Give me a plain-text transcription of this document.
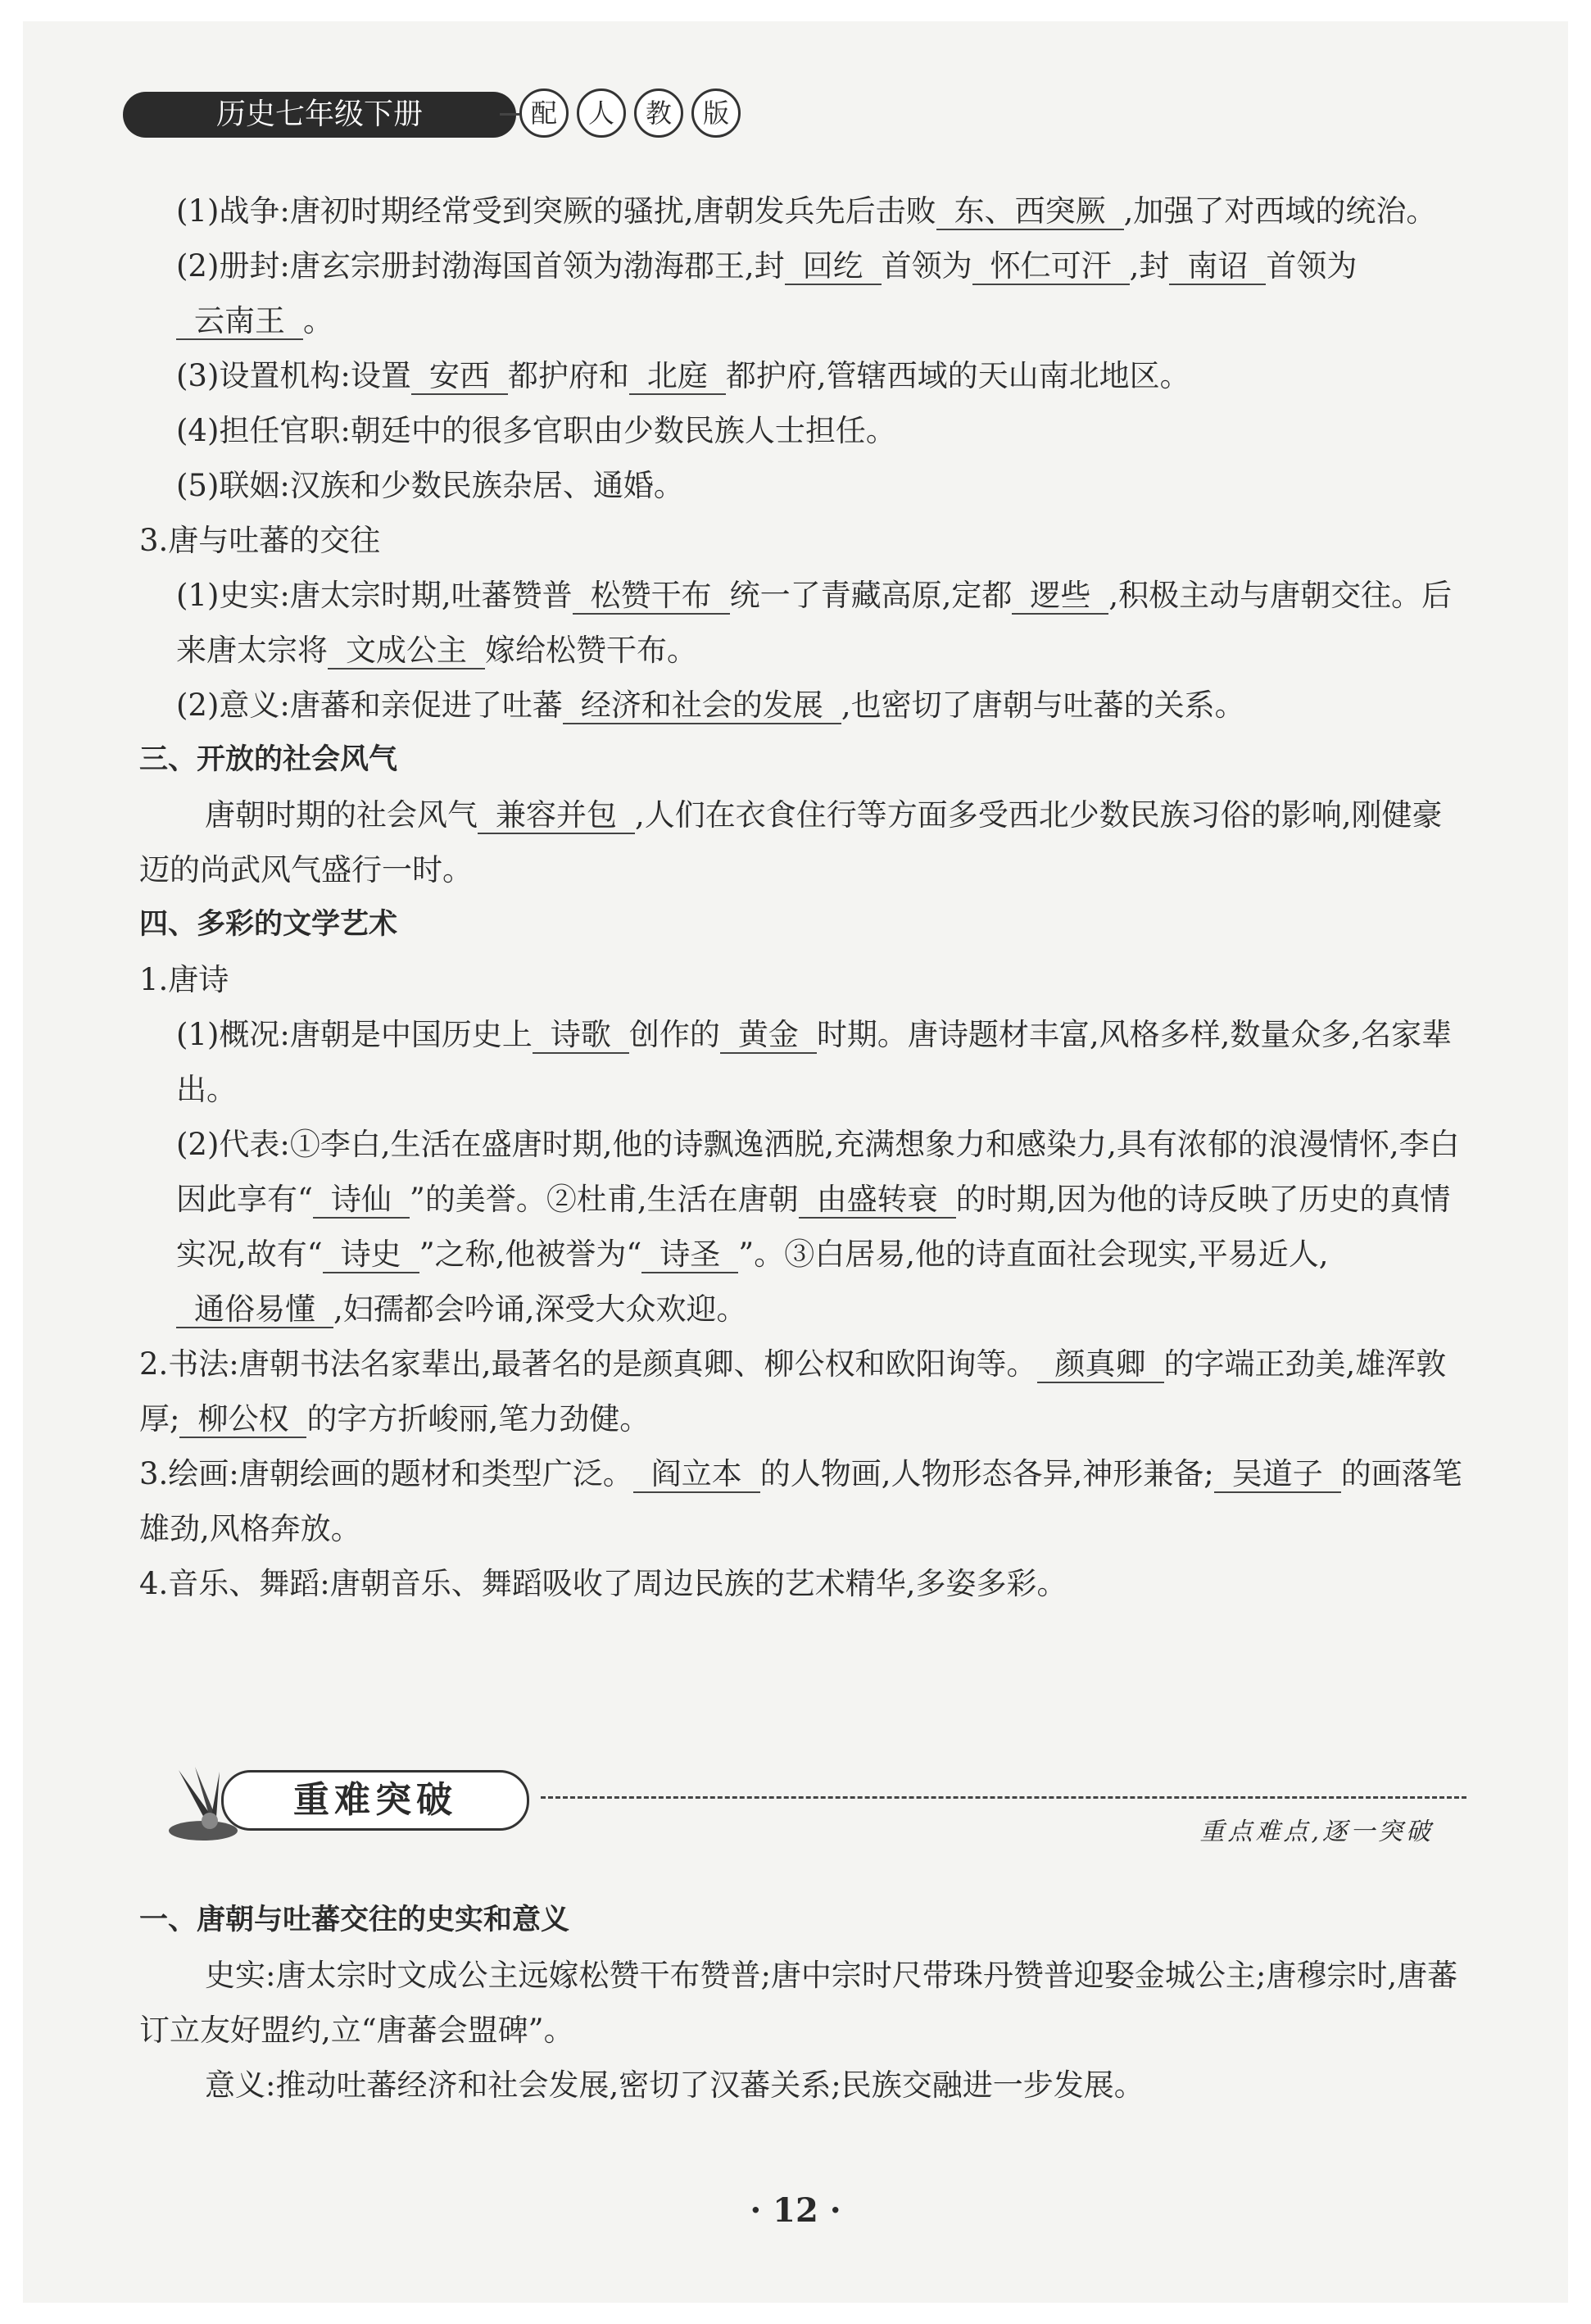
历史七年级下册	配	人	教	版

(1)战争:唐初时期经常受到突厥的骚扰,唐朝发兵先后击败 东、西突厥 ,加强了对西域的统治。

(2)册封:唐玄宗册封渤海国首领为渤海郡王,封 回纥 首领为 怀仁可汗 ,封 南诏 首领为云南王 。

(3)设置机构:设置 安西 都护府和 北庭 都护府,管辖西域的天山南北地区。

(4)担任官职:朝廷中的很多官职由少数民族人士担任。

(5)联姻:汉族和少数民族杂居、通婚。

3.唐与吐蕃的交往

(1)史实:唐太宗时期,吐蕃赞普 松赞干布 统一了青藏高原,定都 逻些 ,积极主动与唐朝交往。后来唐太宗将 文成公主 嫁给松赞干布。

(2)意义:唐蕃和亲促进了吐蕃 经济和社会的发展 ,也密切了唐朝与吐蕃的关系。

三、开放的社会风气

唐朝时期的社会风气 兼容并包 ,人们在衣食住行等方面多受西北少数民族习俗的影响,刚健豪迈的尚武风气盛行一时。

四、多彩的文学艺术

1.唐诗

(1)概况:唐朝是中国历史上 诗歌 创作的 黄金 时期。唐诗题材丰富,风格多样,数量众多,名家辈出。

(2)代表:①李白,生活在盛唐时期,他的诗飘逸洒脱,充满想象力和感染力,具有浓郁的浪漫情怀,李白因此享有“ 诗仙 ”的美誉。②杜甫,生活在唐朝 由盛转衰 的时期,因为他的诗反映了历史的真情实况,故有“ 诗史 ”之称,他被誉为“ 诗圣 ”。③白居易,他的诗直面社会现实,平易近人,通俗易懂 ,妇孺都会吟诵,深受大众欢迎。

2.书法:唐朝书法名家辈出,最著名的是颜真卿、柳公权和欧阳询等。 颜真卿 的字端正劲美,雄浑敦厚; 柳公权 的字方折峻丽,笔力劲健。

3.绘画:唐朝绘画的题材和类型广泛。 阎立本 的人物画,人物形态各异,神形兼备; 吴道子 的画落笔雄劲,风格奔放。

4.音乐、舞蹈:唐朝音乐、舞蹈吸收了周边民族的艺术精华,多姿多彩。

重难突破
重点难点,逐一突破

一、唐朝与吐蕃交往的史实和意义

史实:唐太宗时文成公主远嫁松赞干布赞普;唐中宗时尺带珠丹赞普迎娶金城公主;唐穆宗时,唐蕃订立友好盟约,立“唐蕃会盟碑”。

意义:推动吐蕃经济和社会发展,密切了汉蕃关系;民族交融进一步发展。

· 12 ·
